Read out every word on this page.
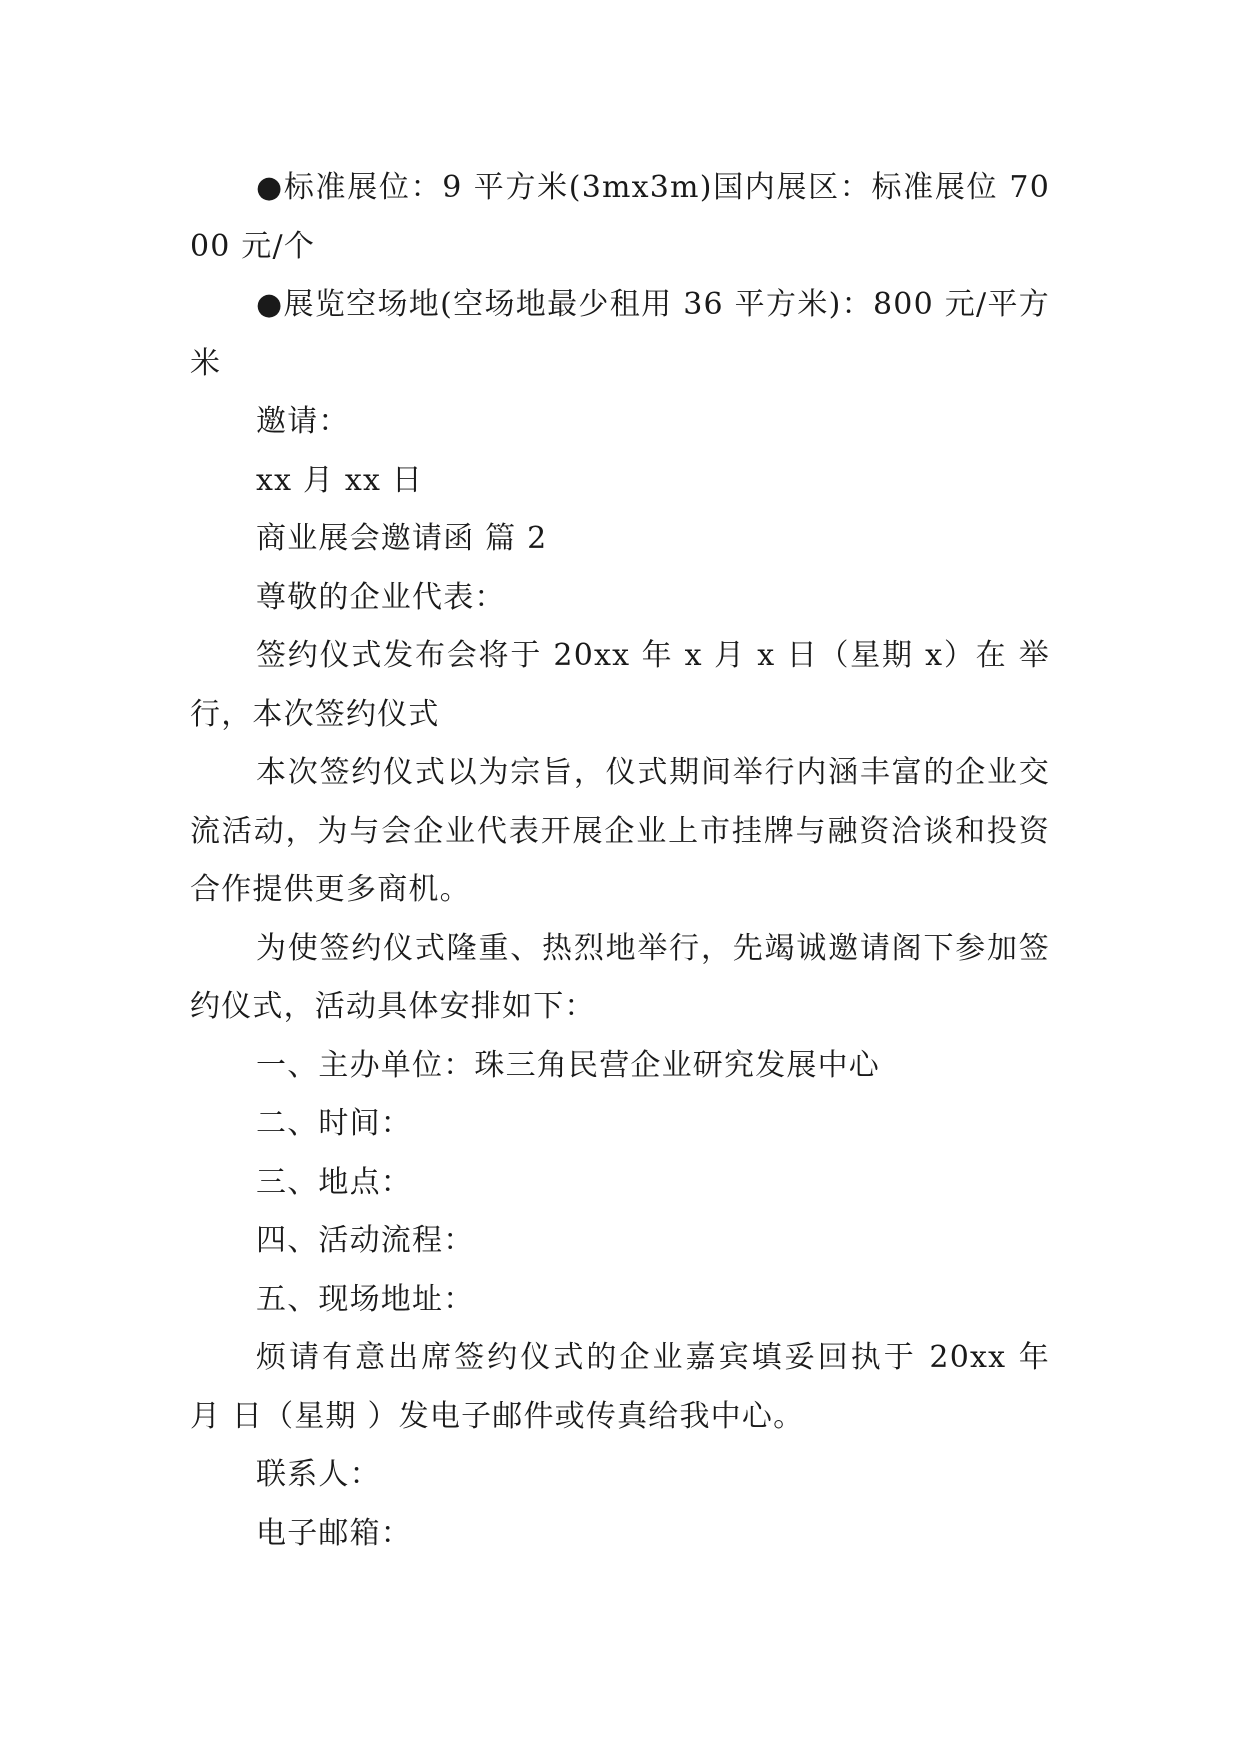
●标准展位：9 平方米(3mx3m)国内展区：标准展位 7000 元/个

●展览空场地(空场地最少租用 36 平方米)：800 元/平方米

邀请：

xx 月 xx 日

商业展会邀请函 篇 2

尊敬的企业代表：

签约仪式发布会将于 20xx 年 x 月 x 日（星期 x）在 举行，本次签约仪式

本次签约仪式以为宗旨，仪式期间举行内涵丰富的企业交流活动，为与会企业代表开展企业上市挂牌与融资洽谈和投资合作提供更多商机。

为使签约仪式隆重、热烈地举行，先竭诚邀请阁下参加签约仪式，活动具体安排如下：

一、主办单位：珠三角民营企业研究发展中心

二、时间：

三、地点：

四、活动流程：

五、现场地址：

烦请有意出席签约仪式的企业嘉宾填妥回执于 20xx 年 月 日（星期 ）发电子邮件或传真给我中心。

联系人：

电子邮箱：
